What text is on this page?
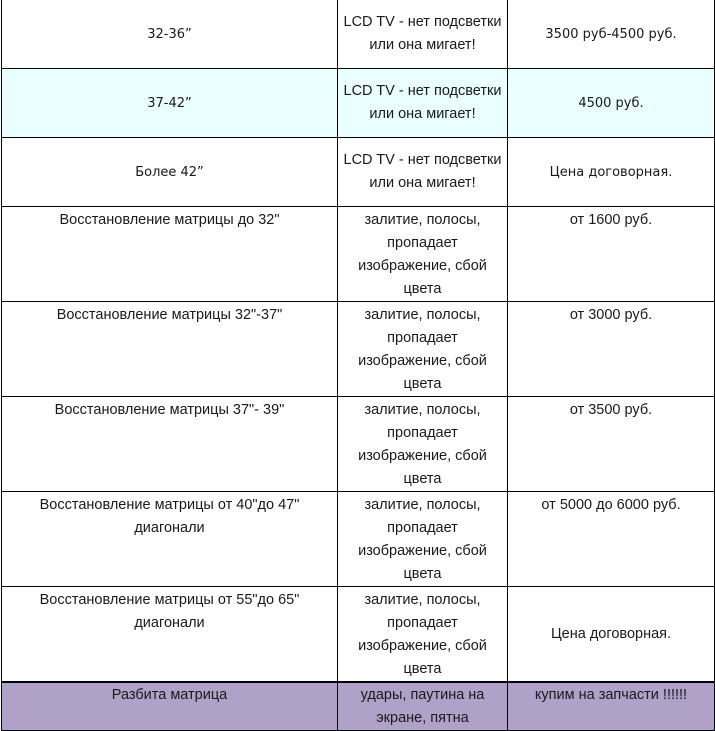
32-36”	LCD TV - нет подсветки или она мигает!	3500 руб-4500 руб.
37-42”	LCD TV - нет подсветки или она мигает!	4500 руб.
Более 42”	LCD TV - нет подсветки или она мигает!	Цена договорная.
Восстановление матрицы до 32"	залитие, полосы, пропадает изображение, сбой цвета	от 1600 руб.
Восстановление матрицы 32"-37"	залитие, полосы, пропадает изображение, сбой цвета	от 3000 руб.
Восстановление матрицы 37"- 39"	залитие, полосы, пропадает изображение, сбой цвета	от 3500 руб.
Восстановление матрицы от 40"до 47" диагонали	залитие, полосы, пропадает изображение, сбой цвета	от 5000 до 6000 руб.
Восстановление матрицы от 55"до 65" диагонали	залитие, полосы, пропадает изображение, сбой цвета	Цена договорная.
Разбита матрица	удары, паутина на экране, пятна	купим на запчасти !!!!!!
